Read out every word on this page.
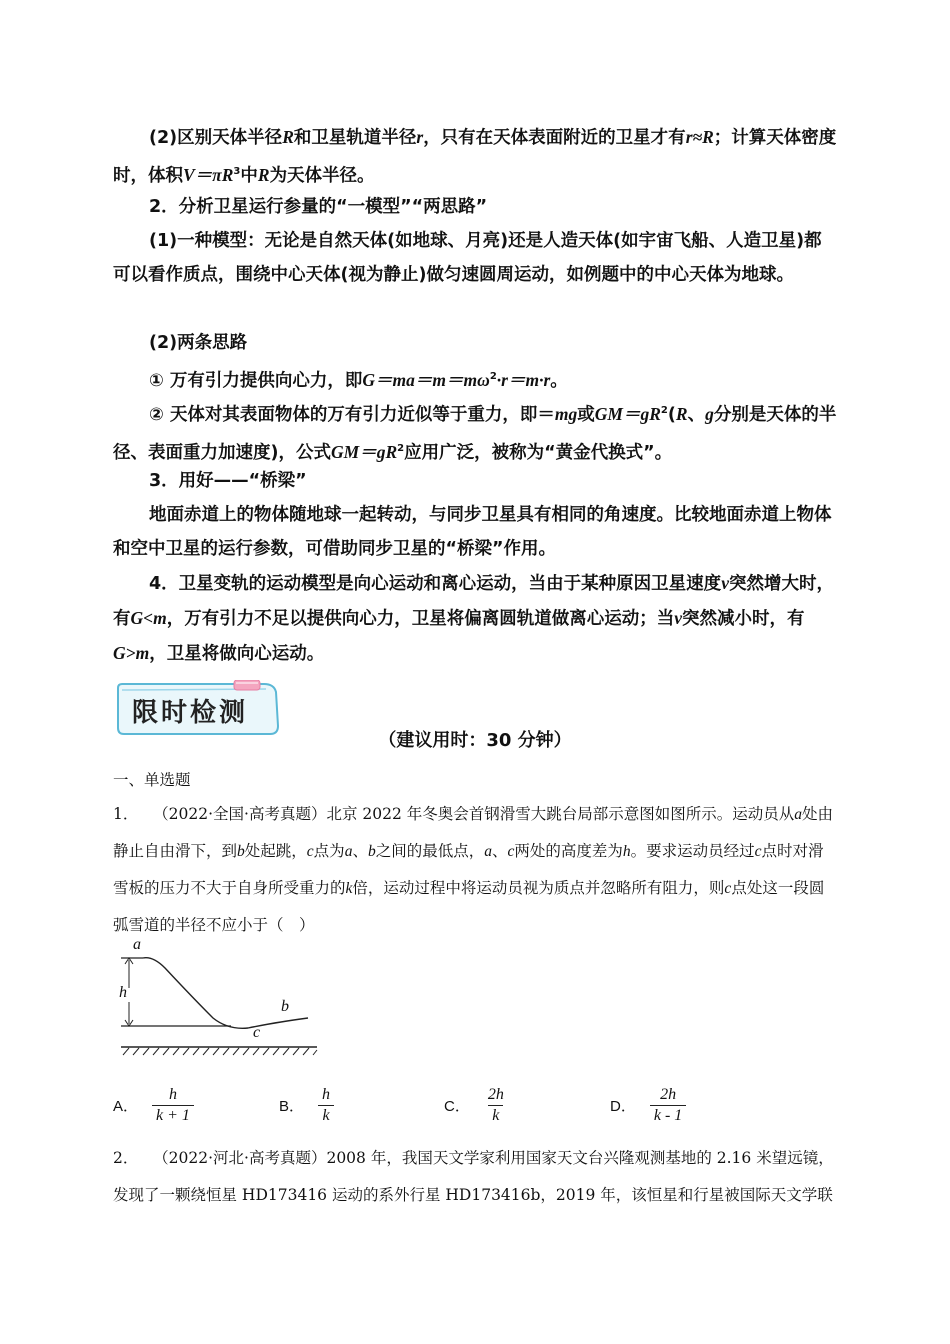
(2)区别天体半径R和卫星轨道半径r，只有在天体表面附近的卫星才有r≈R；计算天体密度时，体积$V=\pi R^3$中R为天体半径。
2．分析卫星运行参量的“一模型”“两思路”
(1)一种模型：无论是自然天体(如地球、月亮)还是人造天体(如宇宙飞船、人造卫星)都可以看作质点，围绕中心天体(视为静止)做匀速圆周运动，如例题中的中心天体为地球。
(2)两条思路
① 万有引力提供向心力，即$G=ma=m=m\omega^2\cdot r=m\cdot r$。
② 天体对其表面物体的万有引力近似等于重力，即＝mg或$GM=gR^2(R$、g分别是天体的半径、表面重力加速度)，公式$GM=gR^2$应用广泛，被称为“黄金代换式”。
3．用好——“桥梁”
地面赤道上的物体随地球一起转动，与同步卫星具有相同的角速度。比较地面赤道上物体和空中卫星的运行参数，可借助同步卫星的“桥梁”作用。
4．卫星变轨的运动模型是向心运动和离心运动，当由于某种原因卫星速度v突然增大时，有G<m，万有引力不足以提供向心力，卫星将偏离圆轨道做离心运动；当v突然减小时，有G>m，卫星将做向心运动。
限时检测
（建议用时：30 分钟）
一、单选题
1． （2022·全国·高考真题）北京 2022 年冬奥会首钢滑雪大跳台局部示意图如图所示。运动员从a处由静止自由滑下，到b处起跳，c点为a、b之间的最低点，a、c两处的高度差为h。要求运动员经过c点时对滑雪板的压力不大于自身所受重力的k倍，运动过程中将运动员视为质点并忽略所有阻力，则c点处这一段圆弧雪道的半径不应小于（　）
a
h
b
c
A． $\frac{h}{k + 1}$	B． $\frac{h}{k}$	C． $\frac{2h}{k}$	D． $\frac{2h}{k - 1}$
2． （2022·河北·高考真题）2008 年，我国天文学家利用国家天文台兴隆观测基地的 2.16 米望远镜，发现了一颗绕恒星 HD173416 运动的系外行星 HD173416b，2019 年，该恒星和行星被国际天文学联
